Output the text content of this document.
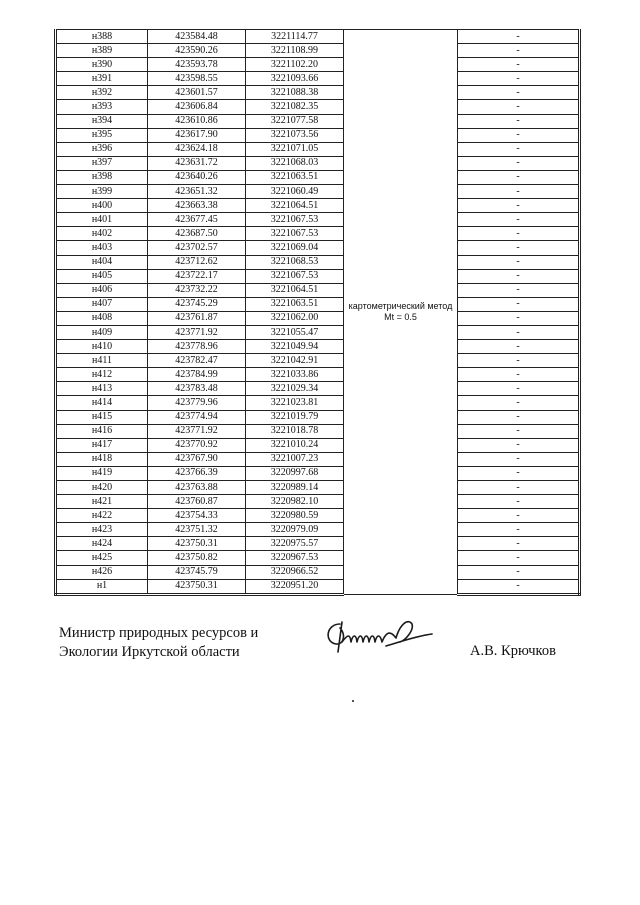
н388	423584.48	3221114.77	картометрический метод Mt = 0.5	-
н389	423590.26	3221108.99		-
н390	423593.78	3221102.20		-
н391	423598.55	3221093.66		-
н392	423601.57	3221088.38		-
н393	423606.84	3221082.35		-
н394	423610.86	3221077.58		-
н395	423617.90	3221073.56		-
н396	423624.18	3221071.05		-
н397	423631.72	3221068.03		-
н398	423640.26	3221063.51		-
н399	423651.32	3221060.49		-
н400	423663.38	3221064.51		-
н401	423677.45	3221067.53		-
н402	423687.50	3221067.53		-
н403	423702.57	3221069.04		-
н404	423712.62	3221068.53		-
н405	423722.17	3221067.53		-
н406	423732.22	3221064.51		-
н407	423745.29	3221063.51		-
н408	423761.87	3221062.00		-
н409	423771.92	3221055.47		-
н410	423778.96	3221049.94		-
н411	423782.47	3221042.91		-
н412	423784.99	3221033.86		-
н413	423783.48	3221029.34		-
н414	423779.96	3221023.81		-
н415	423774.94	3221019.79		-
н416	423771.92	3221018.78		-
н417	423770.92	3221010.24		-
н418	423767.90	3221007.23		-
н419	423766.39	3220997.68		-
н420	423763.88	3220989.14		-
н421	423760.87	3220982.10		-
н422	423754.33	3220980.59		-
н423	423751.32	3220979.09		-
н424	423750.31	3220975.57		-
н425	423750.82	3220967.53		-
н426	423745.79	3220966.52		-
н1	423750.31	3220951.20		-
Министр природных ресурсов и
Экологии Иркутской области	А.В. Крючков
